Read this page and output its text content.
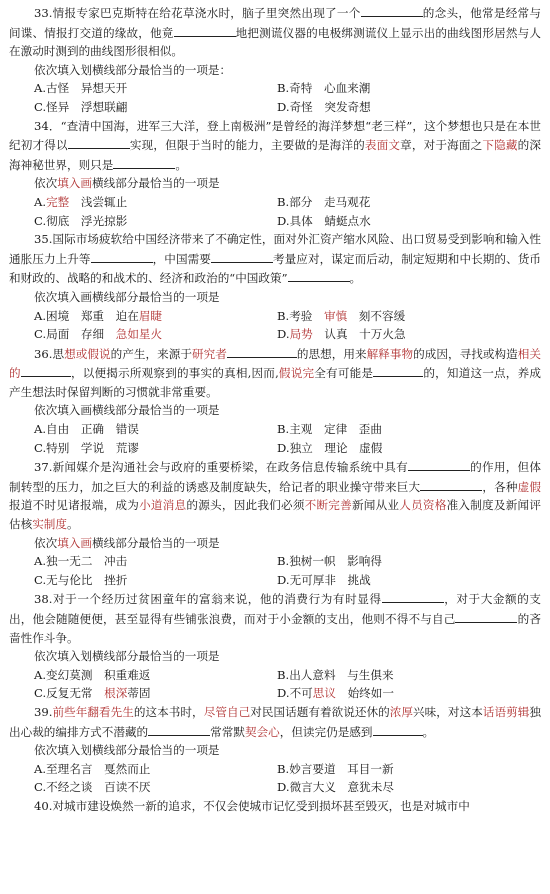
33.情报专家巴克斯特在给花草浇水时，脑子里突然出现了一个	的念头，他常是经常与间谍、情报打交道的缘故，他竟	地把测谎仪器的电极绑测谎仪上显示出的曲线图形居然与人在激动时测到的曲线图形很相似。
依次填入划横线部分最恰当的一项是：
A.古怪　异想天开	B.奇特　心血来潮
C.怪异　浮想联翩	D.奇怪　突发奇想
34．“查清中国海，进军三大洋，登上南极洲”是曾经的海洋梦想“老三样”，这个梦想也只是在本世纪初才得以	实现，但限于当时的能力，主要做的是海洋的表面文章，对于海面之下隐藏的深海神秘世界，则只是	。
依次填入画横线部分最恰当的一项是
A.完整　浅尝辄止	B.部分　走马观花
C.彻底　浮光掠影	D.具体　蜻蜓点水
35.国际市场疲软给中国经济带来了不确定性，面对外汇资产缩水风险、出口贸易受到影响和输入性通胀压力上升等	，中国需要	考量应对，谋定而后动，制定短期和中长期的、货币和财政的、战略的和战术的、经济和政治的“中国政策”	。
依次填入画横线部分最恰当的一项是
A.困境　郑重　迫在眉睫	B.考验　审慎　刻不容缓
C.局面　存细　急如星火	D.局势　认真　十万火急
36.思想或假说的产生，来源于研究者	的思想，用来解释事物的成因，寻找或构造相关的	，以便揭示所观察到的事实的真相,因而,假说完全有可能是	的，知道这一点，养成产生想法时保留判断的习惯就非常重要。
依次填入画横线部分最恰当的一项是
A.自由　正确　错误	B.主观　定律　歪曲
C.特别　学说　荒谬	D.独立　理论　虚假
37.新闻媒介是沟通社会与政府的重要桥梁，在政务信息传输系统中具有	的作用，但体制转型的压力，加之巨大的利益的诱惑及制度缺失，给记者的职业操守带来巨大	，各种虚假报道不时见诸报端，成为小道消息的源头，因此我们必须不断完善新闻从业人员资格准入制度及新闻评估核实制度。
依次填入画横线部分最恰当的一项是
A.独一无二　冲击	B.独树一帜　影响得
C.无与伦比　挫折	D.无可厚非　挑战
38.对于一个经历过贫困童年的富翁来说，他的消费行为有时显得	，对于大金额的支出，他会随随便便，甚至显得有些铺张浪费，而对于小金额的支出，他则不得不与自己	的吝啬性作斗争。
依次填入划横线部分最恰当的一项是
A.变幻莫测　积重难返	B.出人意料　与生俱来
C.反复无常　根深蒂固	D.不可思议　始终如一
39.前些年翻看先生的这本书时，尽管自己对民国话题有着欲说还休的浓厚兴味，对这本话语剪辑独出心裁的编排方式不潜藏的	常常默契会心，但读完仍是感到	。
依次填入划横线部分最恰当的一项是
A.至理名言　戛然而止	B.妙言要道　耳目一新
C.不经之谈　百读不厌	D.微言大义　意犹未尽
40.对城市建设焕然一新的追求，不仅会使城市记忆受到损坏甚至毁灭，也是对城市中
